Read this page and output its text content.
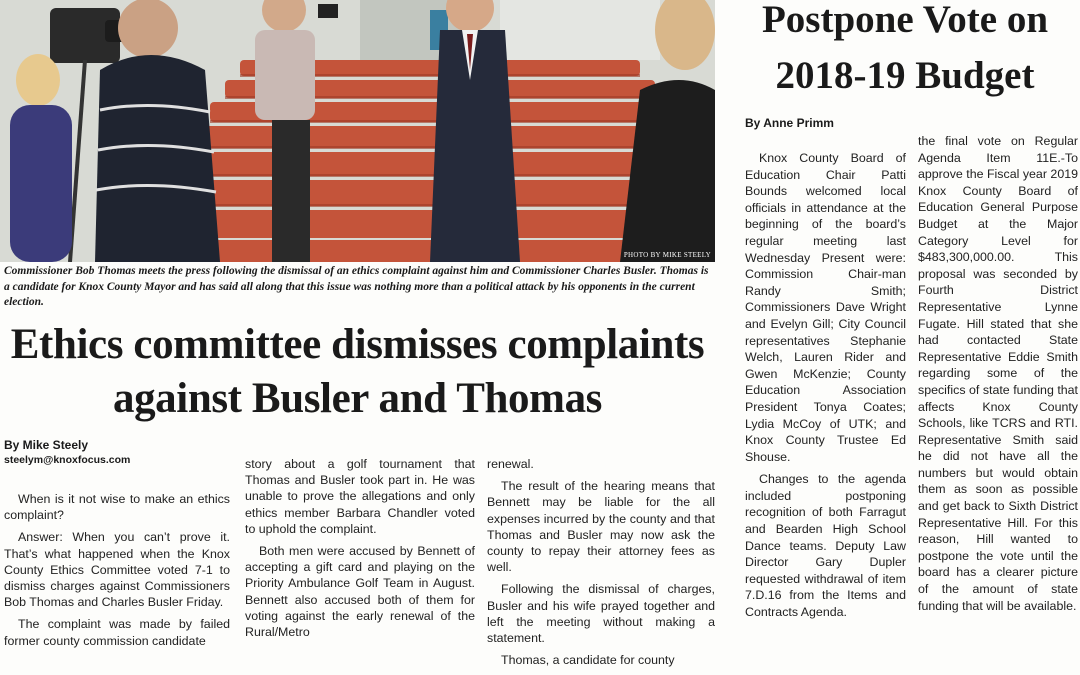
PHOTO BY MIKE STEELY
Commissioner Bob Thomas meets the press following the dismissal of an ethics complaint against him and Commissioner Charles Busler. Thomas is a candidate for Knox County Mayor and has said all along that this issue was nothing more than a political attack by his opponents in the current election.
Ethics committee dismisses complaints
against Busler and Thomas
By Mike Steely
steelym@knoxfocus.com

When is it not wise to make an ethics complaint?

Answer: When you can’t prove it. That’s what happened when the Knox County Ethics Committee voted 7-1 to dismiss charges against Commissioners Bob Thomas and Charles Busler Friday.

The complaint was made by failed former county commission candidate

story about a golf tournament that Thomas and Busler took part in. He was unable to prove the allegations and only ethics member Barbara Chandler voted to uphold the complaint.

Both men were accused by Bennett of accepting a gift card and playing on the Priority Ambulance Golf Team in August. Bennett also accused both of them for voting against the early renewal of the Rural/Metro

renewal.

The result of the hearing means that Bennett may be liable for the all expenses incurred by the county and that Thomas and Busler may now ask the county to repay their attorney fees as well.

Following the dismissal of charges, Busler and his wife prayed together and left the meeting without making a statement.

Thomas, a candidate for county

Postpone Vote on
2018-19 Budget
By Anne Primm

Knox County Board of Education Chair Patti Bounds welcomed local officials in attendance at the beginning of the board’s regular meeting last Wednesday Present were: Commission Chair-man Randy Smith; Commissioners Dave Wright and Evelyn Gill; City Council representatives Stephanie Welch, Lauren Rider and Gwen McKenzie; County Education Association President Tonya Coates; Lydia McCoy of UTK; and Knox County Trustee Ed Shouse.

Changes to the agenda included postponing recognition of both Farragut and Bearden High School Dance teams. Deputy Law Director Gary Dupler requested withdrawal of item 7.D.16 from the Items and Contracts Agenda.

the final vote on Regular Agenda Item 11E.-To approve the Fiscal year 2019 Knox County Board of Education General Purpose Budget at the Major Category Level for $483,300,000.00. This proposal was seconded by Fourth District Representative Lynne Fugate. Hill stated that she had contacted State Representative Eddie Smith regarding some of the specifics of state funding that affects Knox County Schools, like TCRS and RTI. Representative Smith said he did not have all the numbers but would obtain them as soon as possible and get back to Sixth District Representative Hill. For this reason, Hill wanted to postpone the vote until the board has a clearer picture of the amount of state funding that will be available.
